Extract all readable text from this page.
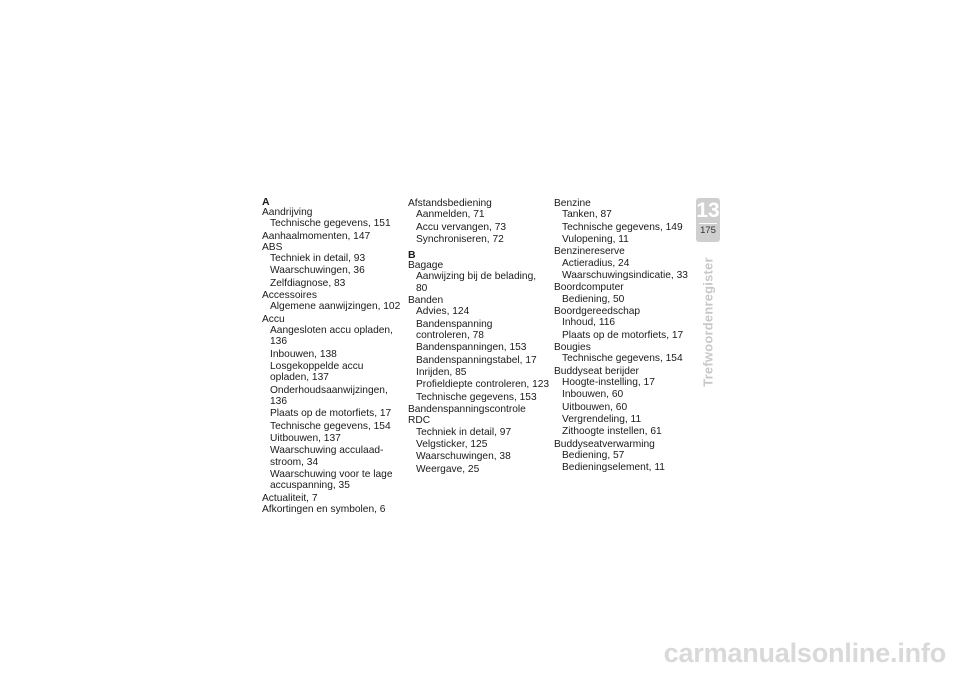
A
Aandrijving
Technische gegevens, 151
Aanhaalmomenten, 147
ABS
Techniek in detail, 93
Waarschuwingen, 36
Zelfdiagnose, 83
Accessoires
Algemene aanwijzingen, 102
Accu
Aangesloten accu opladen, 136
Inbouwen, 138
Losgekoppelde accu
opladen, 137
Onderhoudsaanwijzingen, 136
Plaats op de motorfiets, 17
Technische gegevens, 154
Uitbouwen, 137
Waarschuwing acculaad-
stroom, 34
Waarschuwing voor te lage
accuspanning, 35
Actualiteit, 7
Afkortingen en symbolen, 6
Afstandsbediening
Aanmelden, 71
Accu vervangen, 73
Synchroniseren, 72
B
Bagage
Aanwijzing bij de belading, 80
Banden
Advies, 124
Bandenspanning
controleren, 78
Bandenspanningen, 153
Bandenspanningstabel, 17
Inrijden, 85
Profieldiepte controleren, 123
Technische gegevens, 153
Bandenspanningscontrole RDC
Techniek in detail, 97
Velgsticker, 125
Waarschuwingen, 38
Weergave, 25
Benzine
Tanken, 87
Technische gegevens, 149
Vulopening, 11
Benzinereserve
Actieradius, 24
Waarschuwingsindicatie, 33
Boordcomputer
Bediening, 50
Boordgereedschap
Inhoud, 116
Plaats op de motorfiets, 17
Bougies
Technische gegevens, 154
Buddyseat berijder
Hoogte-instelling, 17
Inbouwen, 60
Uitbouwen, 60
Vergrendeling, 11
Zithoogte instellen, 61
Buddyseatverwarming
Bediening, 57
Bedieningselement, 11
13
175
Trefwoordenregister
carmanualsonline.info
